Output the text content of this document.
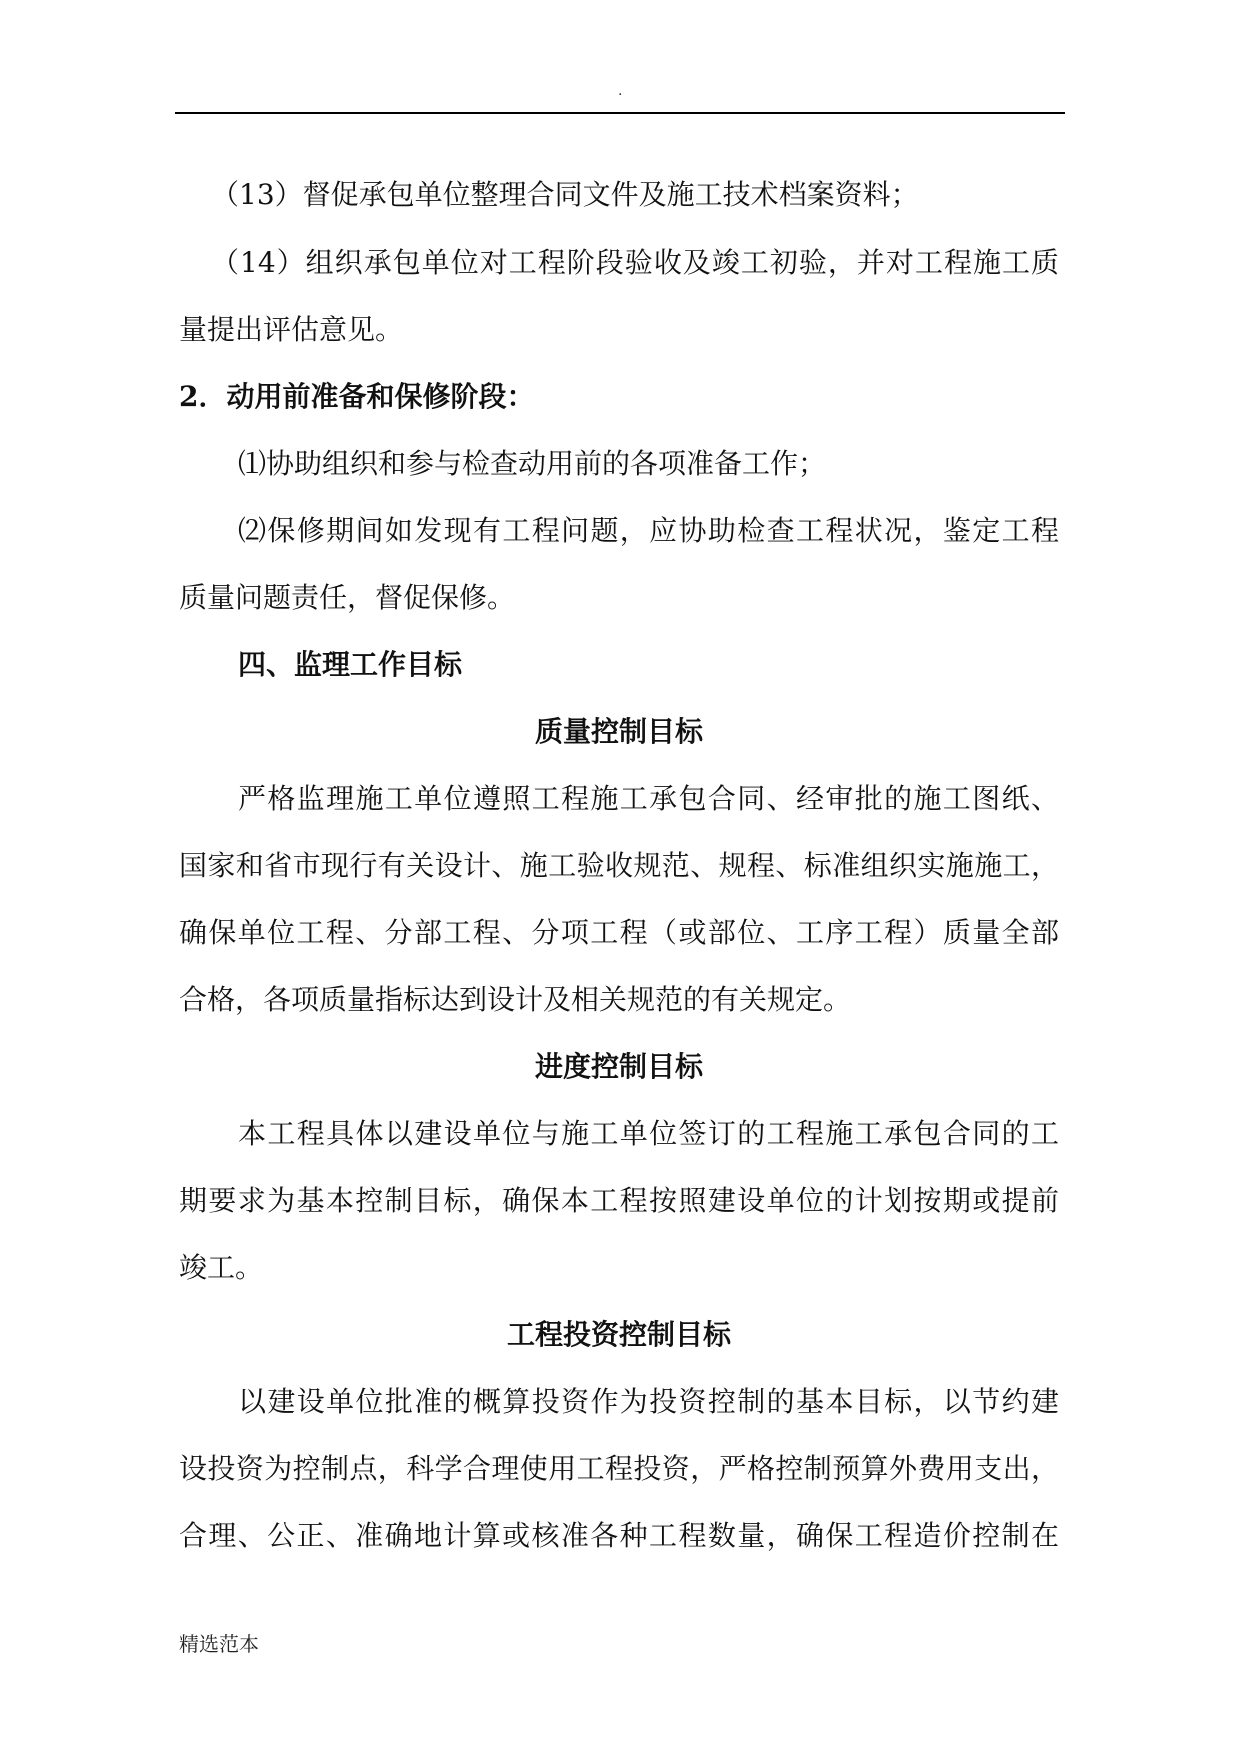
.
（13）督促承包单位整理合同文件及施工技术档案资料；
（14）组织承包单位对工程阶段验收及竣工初验，并对工程施工质
量提出评估意见。
2．动用前准备和保修阶段：
⑴协助组织和参与检查动用前的各项准备工作；
⑵保修期间如发现有工程问题，应协助检查工程状况，鉴定工程
质量问题责任，督促保修。
四、监理工作目标
质量控制目标
严格监理施工单位遵照工程施工承包合同、经审批的施工图纸、
国家和省市现行有关设计、施工验收规范、规程、标准组织实施施工，
确保单位工程、分部工程、分项工程（或部位、工序工程）质量全部
合格，各项质量指标达到设计及相关规范的有关规定。
进度控制目标
本工程具体以建设单位与施工单位签订的工程施工承包合同的工
期要求为基本控制目标，确保本工程按照建设单位的计划按期或提前
竣工。
工程投资控制目标
以建设单位批准的概算投资作为投资控制的基本目标，以节约建
设投资为控制点，科学合理使用工程投资，严格控制预算外费用支出，
合理、公正、准确地计算或核准各种工程数量，确保工程造价控制在
精选范本
